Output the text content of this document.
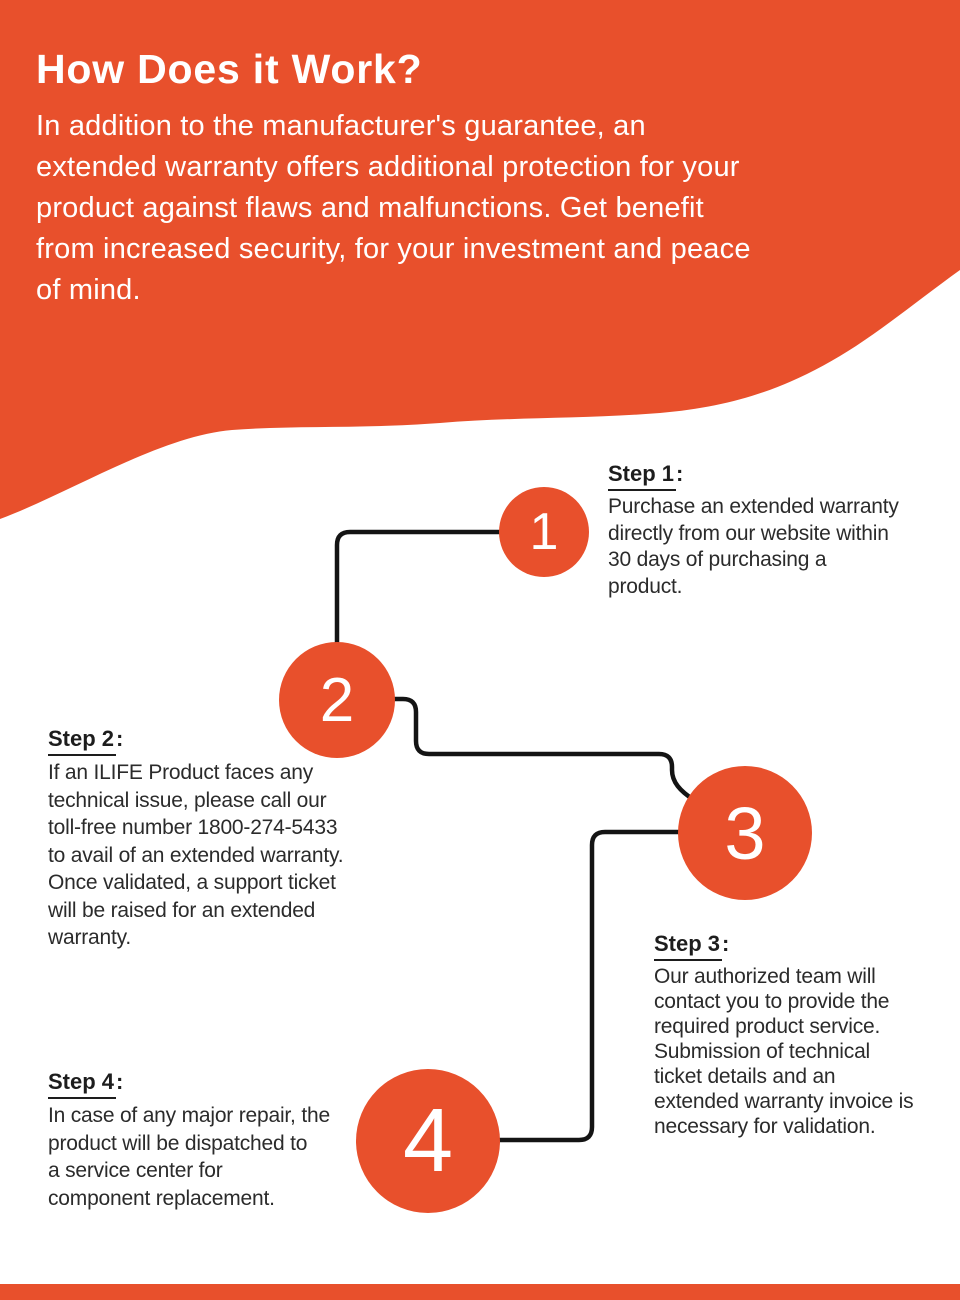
How Does it Work?
In addition to the manufacturer's guarantee, an
extended warranty offers additional protection for your
product against flaws and malfunctions. Get benefit
from increased security, for your investment and peace
of mind.
1
2
3
4
Step 1:
Purchase an extended warranty
directly from our website within
30 days of purchasing a
product.
Step 2:
If an ILIFE Product faces any
technical issue, please call our
toll-free number 1800-274-5433
to avail of an extended warranty.
Once validated, a support ticket
will be raised for an extended
warranty.	Step 3:
Our authorized team will
contact you to provide the
required product service.
Submission of technical
ticket details and an
extended warranty invoice is
necessary for validation.
Step 4:
In case of any major repair, the
product will be dispatched to
a service center for
component replacement.
